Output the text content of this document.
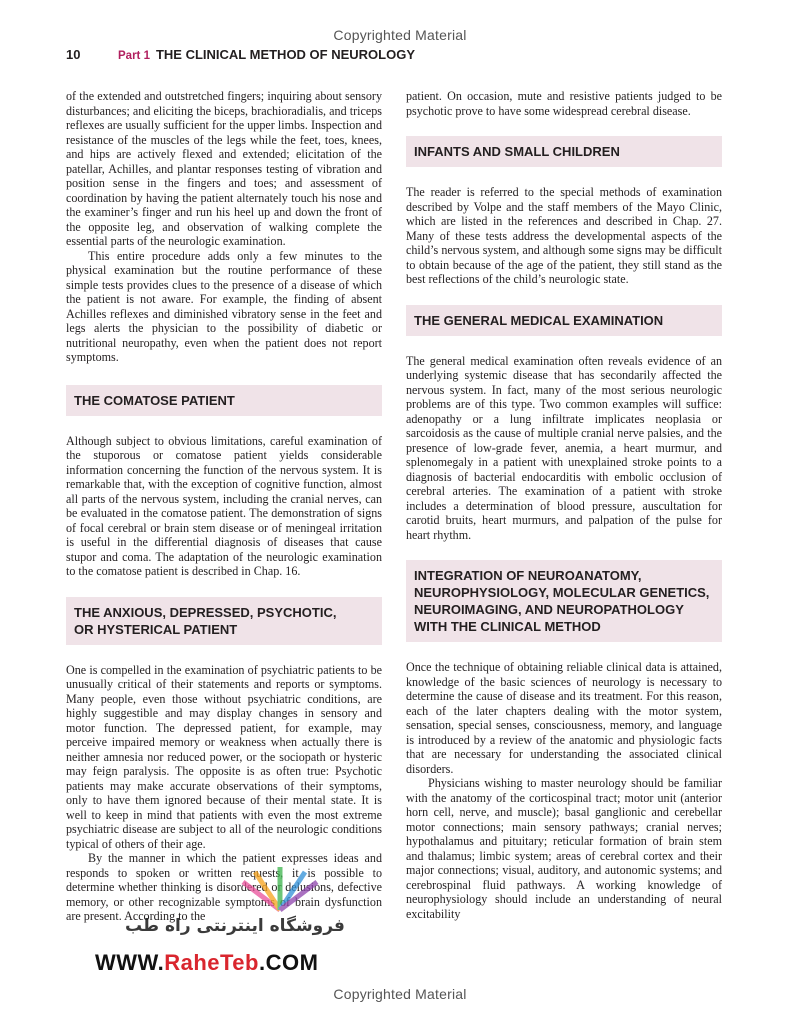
Copyrighted Material
10	Part 1 THE CLINICAL METHOD OF NEUROLOGY

of the extended and outstretched fingers; inquiring about sensory disturbances; and eliciting the biceps, brachioradialis, and triceps reflexes are usually sufficient for the upper limbs. Inspection and resistance of the muscles of the legs while the feet, toes, knees, and hips are actively flexed and extended; elicitation of the patellar, Achilles, and plantar responses testing of vibration and position sense in the fingers and toes; and assessment of coordination by having the patient alternately touch his nose and the examiner’s finger and run his heel up and down the front of the opposite leg, and observation of walking complete the essential parts of the neurologic examination.

This entire procedure adds only a few minutes to the physical examination but the routine performance of these simple tests provides clues to the presence of a disease of which the patient is not aware. For example, the finding of absent Achilles reflexes and diminished vibratory sense in the feet and legs alerts the physician to the possibility of diabetic or nutritional neuropathy, even when the patient does not report symptoms.

THE COMATOSE PATIENT

Although subject to obvious limitations, careful examination of the stuporous or comatose patient yields considerable information concerning the function of the nervous system. It is remarkable that, with the exception of cognitive function, almost all parts of the nervous system, including the cranial nerves, can be evaluated in the comatose patient. The demonstration of signs of focal cerebral or brain stem disease or of meningeal irritation is useful in the differential diagnosis of diseases that cause stupor and coma. The adaptation of the neurologic examination to the comatose patient is described in Chap. 16.

THE ANXIOUS, DEPRESSED, PSYCHOTIC,
OR HYSTERICAL PATIENT

One is compelled in the examination of psychiatric patients to be unusually critical of their statements and reports or symptoms. Many people, even those without psychiatric conditions, are highly suggestible and may display changes in sensory and motor function. The depressed patient, for example, may perceive impaired memory or weakness when actually there is neither amnesia nor reduced power, or the sociopath or hysteric may feign paralysis. The opposite is as often true: Psychotic patients may make accurate observations of their symptoms, only to have them ignored because of their mental state. It is well to keep in mind that patients with even the most extreme psychiatric disease are subject to all of the neurologic conditions typical of others of their age.

By the manner in which the patient expresses ideas and responds to spoken or written requests, it is possible to determine whether thinking is disordered or delusions, defective memory, or other recognizable symptoms of brain dysfunction are present. According to the

patient. On occasion, mute and resistive patients judged to be psychotic prove to have some widespread cerebral disease.

INFANTS AND SMALL CHILDREN

The reader is referred to the special methods of examination described by Volpe and the staff members of the Mayo Clinic, which are listed in the references and described in Chap. 27. Many of these tests address the developmental aspects of the child’s nervous system, and although some signs may be difficult to obtain because of the age of the patient, they still stand as the best reflections of the child’s neurologic state.

THE GENERAL MEDICAL EXAMINATION

The general medical examination often reveals evidence of an underlying systemic disease that has secondarily affected the nervous system. In fact, many of the most serious neurologic problems are of this type. Two common examples will suffice: adenopathy or a lung infiltrate implicates neoplasia or sarcoidosis as the cause of multiple cranial nerve palsies, and the presence of low-grade fever, anemia, a heart murmur, and splenomegaly in a patient with unexplained stroke points to a diagnosis of bacterial endocarditis with embolic occlusion of cerebral arteries. The examination of a patient with stroke includes a determination of blood pressure, auscultation for carotid bruits, heart murmurs, and palpation of the pulse for heart rhythm.

INTEGRATION OF NEUROANATOMY,
NEUROPHYSIOLOGY, MOLECULAR GENETICS,
NEUROIMAGING, AND NEUROPATHOLOGY
WITH THE CLINICAL METHOD

Once the technique of obtaining reliable clinical data is attained, knowledge of the basic sciences of neurology is necessary to determine the cause of disease and its treatment. For this reason, each of the later chapters dealing with the motor system, sensation, special senses, consciousness, memory, and language is introduced by a review of the anatomic and physiologic facts that are necessary for understanding the associated clinical disorders.

Physicians wishing to master neurology should be familiar with the anatomy of the corticospinal tract; motor unit (anterior horn cell, nerve, and muscle); basal ganglionic and cerebellar motor connections; main sensory pathways; cranial nerves; hypothalamus and pituitary; reticular formation of brain stem and thalamus; limbic system; areas of cerebral cortex and their major connections; visual, auditory, and autonomic systems; and cerebrospinal fluid pathways. A working knowledge of neurophysiology should include an understanding of neural excitability

فروشگاه اینترنتی راه طب
WWW.RaheTeb.COM
Copyrighted Material
